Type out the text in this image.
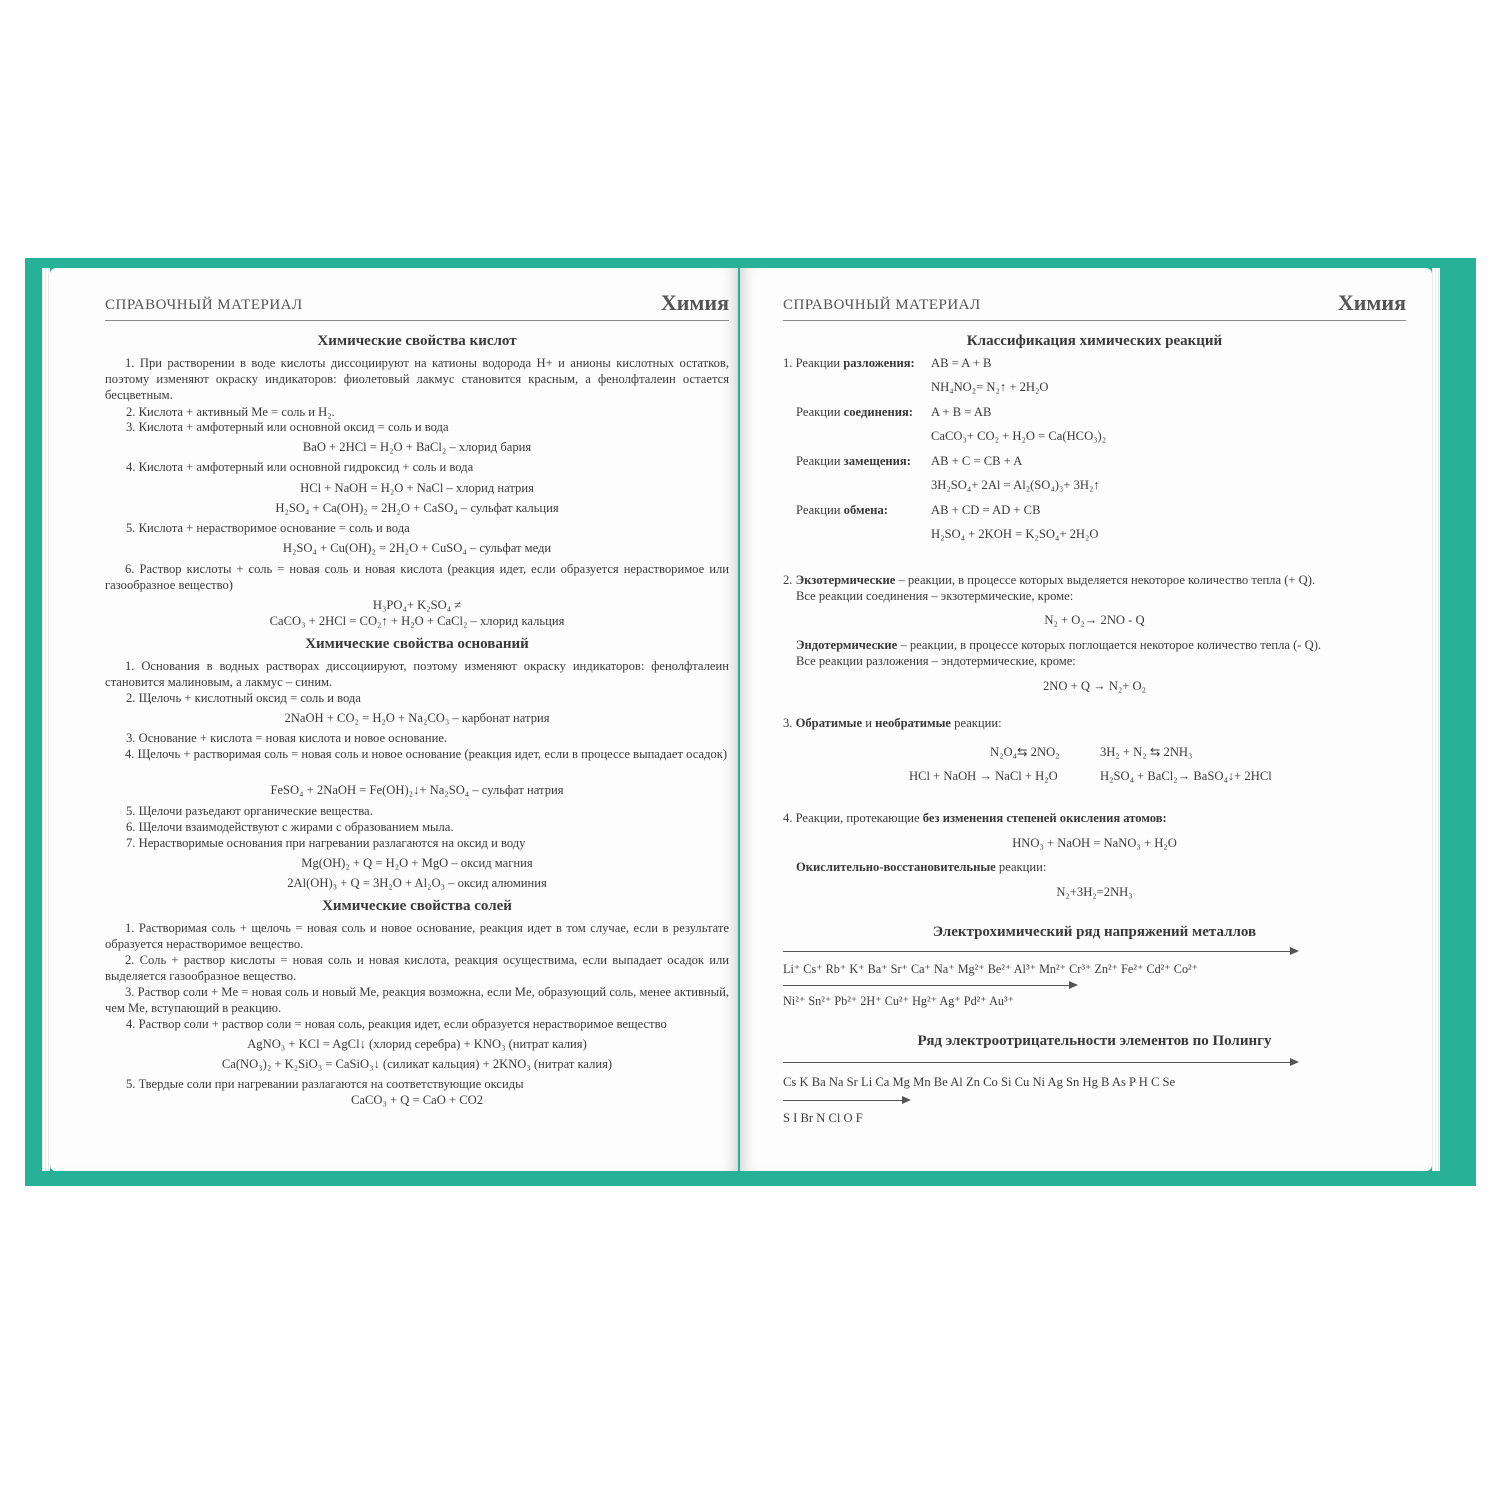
СПРАВОЧНЫЙ МАТЕРИАЛ	Химия	СПРАВОЧНЫЙ МАТЕРИАЛ	Химия
Химические свойства кислот
1. При растворении в воде кислоты диссоциируют на катионы водорода H+ и анионы кислотных остатков, поэтому изменяют окраску индикаторов: фиолетовый лакмус становится красным, а фенолфталеин остается бесцветным.
2. Кислота + активный Me = соль и H₂.
3. Кислота + амфотерный или основной оксид = соль и вода
BaO + 2HCl = H₂O + BaCl₂ – хлорид бария
4. Кислота + амфотерный или основной гидроксид + соль и вода
HCl + NaOH = H₂O + NaCl – хлорид натрия
H₂SO₄ + Ca(OH)₂ = 2H₂O + CaSO₄ – сульфат кальция
5. Кислота + нерастворимое основание = соль и вода
H₂SO₄ + Cu(OH)₂ = 2H₂O + CuSO₄ – сульфат меди
6. Раствор кислоты + соль = новая соль и новая кислота (реакция идет, если образуется нерастворимое или газообразное вещество)
H₃PO₄+ K₂SO₄ ≠
CaCO₃ + 2HCl = CO₂↑ + H₂O + CaCl₂ – хлорид кальция
Химические свойства оснований
1. Основания в водных растворах диссоциируют, поэтому изменяют окраску индикаторов: фенолфталеин становится малиновым, а лакмус – синим.
2. Щелочь + кислотный оксид = соль и вода
2NaOH + CO₂ = H₂O + Na₂CO₃ – карбонат натрия
3. Основание + кислота = новая кислота и новое основание.
4. Щелочь + растворимая соль = новая соль и новое основание (реакция идет, если в процессе выпадает осадок)
FeSO₄ + 2NaOH = Fe(OH)₂↓+ Na₂SO₄ – сульфат натрия
5. Щелочи разъедают органические вещества.
6. Щелочи взаимодействуют с жирами с образованием мыла.
7. Нерастворимые основания при нагревании разлагаются на оксид и воду
Mg(OH)₂ + Q = H₂O + MgO – оксид магния
2Al(OH)₃ + Q = 3H₂O + Al₂O₃ – оксид алюминия
Химические свойства солей
1. Растворимая соль + щелочь = новая соль и новое основание, реакция идет в том случае, если в результате образуется нерастворимое вещество.
2. Соль + раствор кислоты = новая соль и новая кислота, реакция осуществима, если выпадает осадок или выделяется газообразное вещество.
3. Раствор соли + Me = новая соль и новый Me, реакция возможна, если Me, образующий соль, менее активный, чем Me, вступающий в реакцию.
4. Раствор соли + раствор соли = новая соль, реакция идет, если образуется нерастворимое вещество
AgNO₃ + KCl = AgCl↓ (хлорид серебра) + KNO₃ (нитрат калия)
Ca(NO₃)₂ + K₂SiO₃ = CaSiO₃↓ (силикат кальция) + 2KNO₃ (нитрат калия)
5. Твердые соли при нагревании разлагаются на соответствующие оксиды
CaCO₃ + Q = CaO + CO2
Классификация химических реакций
1. Реакции разложения: AB = A + B
NH₄NO₂= N₂↑ + 2H₂O
Реакции соединения: A + B = AB
CaCO₃+ CO₂ + H₂O = Ca(HCO₃)₂
Реакции замещения: AB + C = CB + A
3H₂SO₄+ 2Al = Al₂(SO₄)₃+ 3H₂↑
Реакции обмена:	AB + CD = AD + CB
H₂SO₄ + 2KOH = K₂SO₄+ 2H₂O
2. Экзотермические – реакции, в процессе которых выделяется некоторое количество тепла (+ Q).
Все реакции соединения – экзотермические, кроме:
N₂ + O₂→ 2NO - Q
Эндотермические – реакции, в процессе которых поглощается некоторое количество тепла (- Q).
Все реакции разложения – эндотермические, кроме:
2NO + Q → N₂+ O₂
3. Обратимые и необратимые реакции:
N₂O₄⇆ 2NO₂	3H₂ + N₂ ⇆ 2NH₃
HCl + NaOH → NaCl + H₂O	H₂SO₄ + BaCl₂→ BaSO₄↓+ 2HCl
4. Реакции, протекающие без изменения степеней окисления атомов:
HNO₃ + NaOH = NaNO₃ + H₂O
Окислительно-восстановительные реакции:
N₂+3H₂=2NH₃
Электрохимический ряд напряжений металлов
Li⁺ Cs⁺ Rb⁺ K⁺ Ba⁺ Sr⁺ Ca⁺ Na⁺ Mg²⁺ Be²⁺ Al³⁺ Mn²⁺ Cr³⁺ Zn²⁺ Fe²⁺ Cd²⁺ Co²⁺
Ni²⁺ Sn²⁺ Pb²⁺ 2H⁺ Cu²⁺ Hg²⁺ Ag⁺ Pd²⁺ Au³⁺
Ряд электроотрицательности элементов по Полингу
Cs K Ba Na Sr Li Ca Mg Mn Be Al Zn Co Si Cu Ni Ag Sn Hg B As P H C Se
S I Br N Cl O F
